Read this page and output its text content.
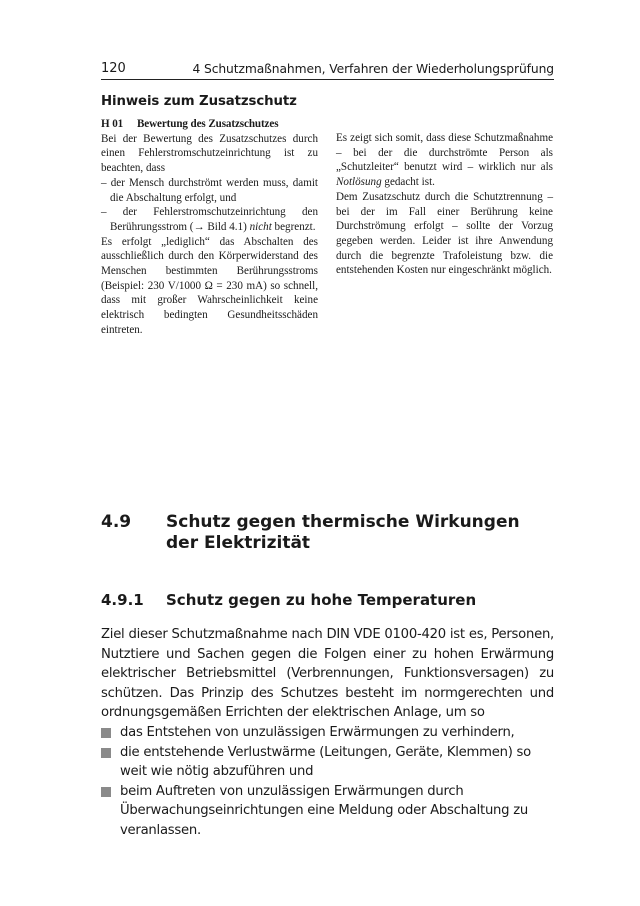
120	4 Schutzmaßnahmen, Verfahren der Wiederholungsprüfung
Hinweis zum Zusatzschutz

H 01 Bewertung des Zusatzschutzes

Bei der Bewertung des Zusatzschutzes durch einen Fehlerstromschutzeinrichtung ist zu beachten, dass

– der Mensch durchströmt werden muss, damit die Abschaltung erfolgt, und

– der Fehlerstromschutzeinrichtung den Berührungsstrom (→ Bild 4.1) nicht begrenzt.

Es erfolgt „lediglich“ das Abschalten des ausschließlich durch den Körperwiderstand des Menschen bestimmten Berührungsstroms (Beispiel: 230 V/1000 Ω = 230 mA) so schnell, dass mit großer Wahrscheinlichkeit keine elektrisch bedingten Gesundheitsschäden eintreten.

Es zeigt sich somit, dass diese Schutzmaßnahme – bei der die durchströmte Person als „Schutzleiter“ benutzt wird – wirklich nur als Notlösung gedacht ist.

Dem Zusatzschutz durch die Schutztrennung – bei der im Fall einer Berührung keine Durchströmung erfolgt – sollte der Vorzug gegeben werden. Leider ist ihre Anwendung durch die begrenzte Trafoleistung bzw. die entstehenden Kosten nur eingeschränkt möglich.

4.9 Schutz gegen thermische Wirkungen der Elektrizität
4.9.1 Schutz gegen zu hohe Temperaturen

Ziel dieser Schutzmaßnahme nach DIN VDE 0100-420 ist es, Personen, Nutztiere und Sachen gegen die Folgen einer zu hohen Erwärmung elektrischer Betriebsmittel (Verbrennungen, Funktionsversagen) zu schützen. Das Prinzip des Schutzes besteht im normgerechten und ordnungsgemäßen Errichten der elektrischen Anlage, um so

das Entstehen von unzulässigen Erwärmungen zu verhindern,
die entstehende Verlustwärme (Leitungen, Geräte, Klemmen) so weit wie nötig abzuführen und
beim Auftreten von unzulässigen Erwärmungen durch Überwachungseinrichtungen eine Meldung oder Abschaltung zu veranlassen.
